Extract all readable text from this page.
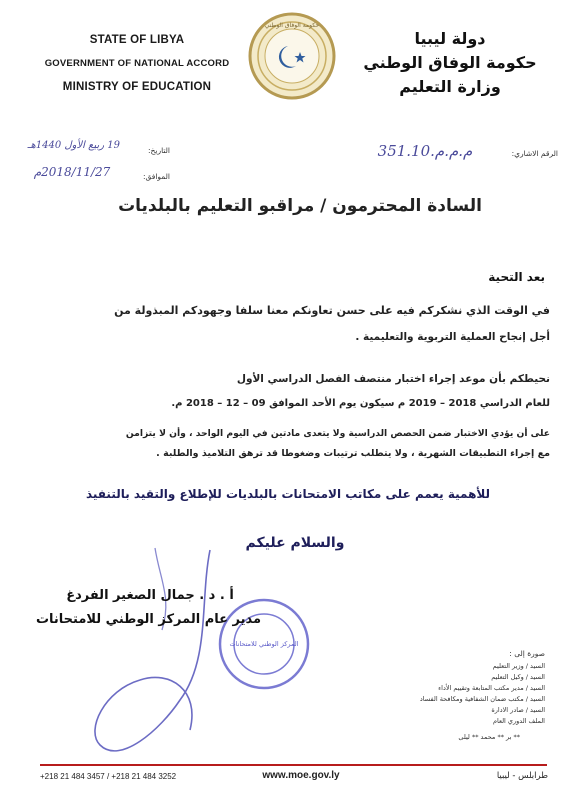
STATE OF LIBYA
GOVERNMENT OF NATIONAL ACCORD
MINISTRY OF EDUCATION
حكومة الوفاق الوطني
دولة ليبيا
حكومة الوفاق الوطني
وزارة التعليم
الرقم الاشاري:
351.10.م.م.م
التاريخ:
19 ربيع الأول 1440هـ
الموافق:
2018/11/27م
السادة المحترمون / مراقبو التعليم بالبلديات
بعد التحية
في الوقت الذي نشكركم فيه على حسن تعاونكم معنا سلفا وجهودكم المبذولة من
أجل إنجاح العملية التربوية والتعليمية .
نحيطكم بأن موعد إجراء اختبار منتصف الفصل الدراسي الأول
للعام الدراسي 2018 – 2019 م سيكون يوم الأحد الموافق 09 – 12 – 2018 م.
على أن يؤدي الاختبار ضمن الحصص الدراسية ولا يتعدى مادتين في اليوم الواحد ، وأن لا يتزامن
مع إجراء التطبيقات الشهرية ، ولا يتطلب ترتيبات وضغوطا قد ترهق التلاميذ والطلبة .
للأهمية يعمم على مكاتب الامتحانات بالبلديات للإطلاع والتقيد بالتنفيذ
والسلام عليكم
المركز الوطني للامتحانات
أ . د . جمال الصغير الفردغ
مدير عام المركز الوطني للامتحانات
صورة إلى :
السيد / وزير التعليم
السيد / وكيل التعليم
السيد / مدير مكتب المتابعة وتقييم الأداء
السيد / مكتب ضمان الشفافية ومكافحة الفساد
السيد / صادر الادارة
الملف الدوري العام
** بر ** محمد ** ليلى
+218 21 484 3457 / +218 21 484 3252	www.moe.gov.ly	طرابلس - ليبيا
